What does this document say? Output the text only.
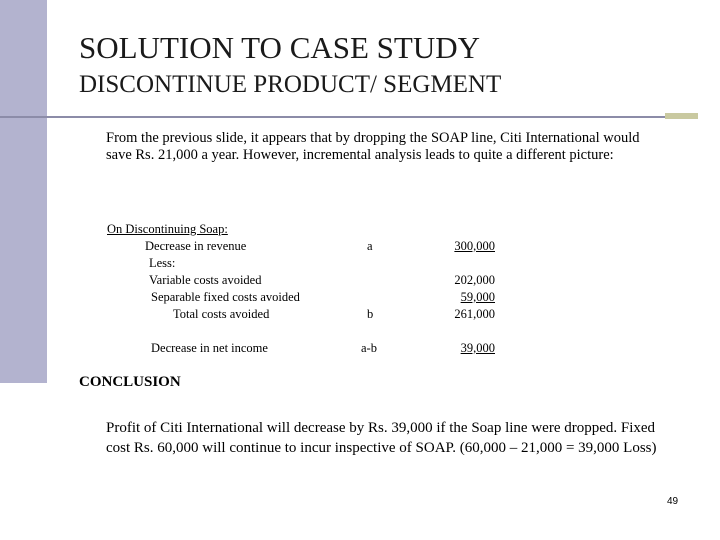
SOLUTION TO CASE STUDY
DISCONTINUE PRODUCT/ SEGMENT
From the previous slide, it appears that by dropping the SOAP line, Citi International would save Rs. 21,000 a year. However, incremental analysis leads to quite a different picture:
On Discontinuing Soap:
Decrease in revenue	a	300,000
Less:
Variable costs avoided	202,000
Separable fixed costs avoided	59,000
Total costs avoided	b	261,000
Decrease in net income	a-b	39,000
CONCLUSION
Profit of Citi International will decrease by Rs. 39,000 if the Soap line were dropped. Fixed cost Rs. 60,000 will continue to incur inspective of SOAP. (60,000 – 21,000 = 39,000 Loss)
49
